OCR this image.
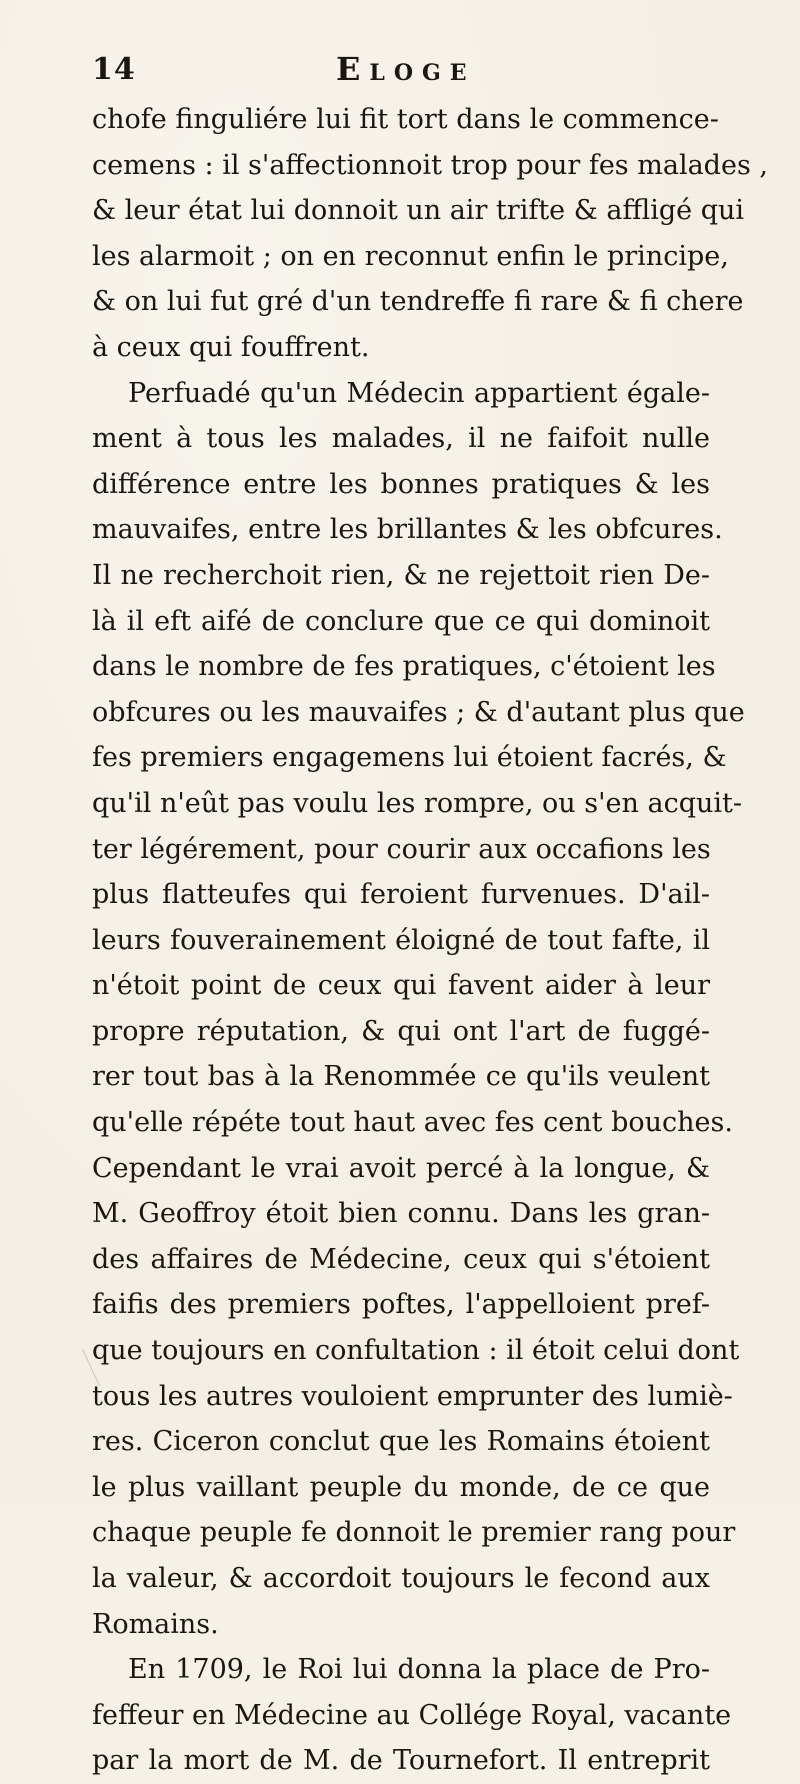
14	Eloge
chofe finguliére lui fit tort dans le commence-
cemens : il s'affectionnoit trop pour fes malades ,
& leur état lui donnoit un air trifte & affligé qui
les alarmoit ; on en reconnut enfin le principe,
& on lui fut gré d'un tendreffe fi rare & fi chere
à ceux qui fouffrent.
Perfuadé qu'un Médecin appartient égale-
ment à tous les malades, il ne faifoit nulle
différence entre les bonnes pratiques & les
mauvaifes, entre les brillantes & les obfcures.
Il ne recherchoit rien, & ne rejettoit rien De-
là il eft aifé de conclure que ce qui dominoit
dans le nombre de fes pratiques, c'étoient les
obfcures ou les mauvaifes ; & d'autant plus que
fes premiers engagemens lui étoient facrés, &
qu'il n'eût pas voulu les rompre, ou s'en acquit-
ter légérement, pour courir aux occafions les
plus flatteufes qui feroient furvenues. D'ail-
leurs fouverainement éloigné de tout fafte, il
n'étoit point de ceux qui favent aider à leur
propre réputation, & qui ont l'art de fuggé-
rer tout bas à la Renommée ce qu'ils veulent
qu'elle répéte tout haut avec fes cent bouches.
Cependant le vrai avoit percé à la longue, &
M. Geoffroy étoit bien connu. Dans les gran-
des affaires de Médecine, ceux qui s'étoient
faifis des premiers poftes, l'appelloient pref-
que toujours en confultation : il étoit celui dont
tous les autres vouloient emprunter des lumiè-
res. Ciceron conclut que les Romains étoient
le plus vaillant peuple du monde, de ce que
chaque peuple fe donnoit le premier rang pour
la valeur, & accordoit toujours le fecond aux
Romains.
En 1709, le Roi lui donna la place de Pro-
feffeur en Médecine au Collége Royal, vacante
par la mort de M. de Tournefort. Il entreprit
